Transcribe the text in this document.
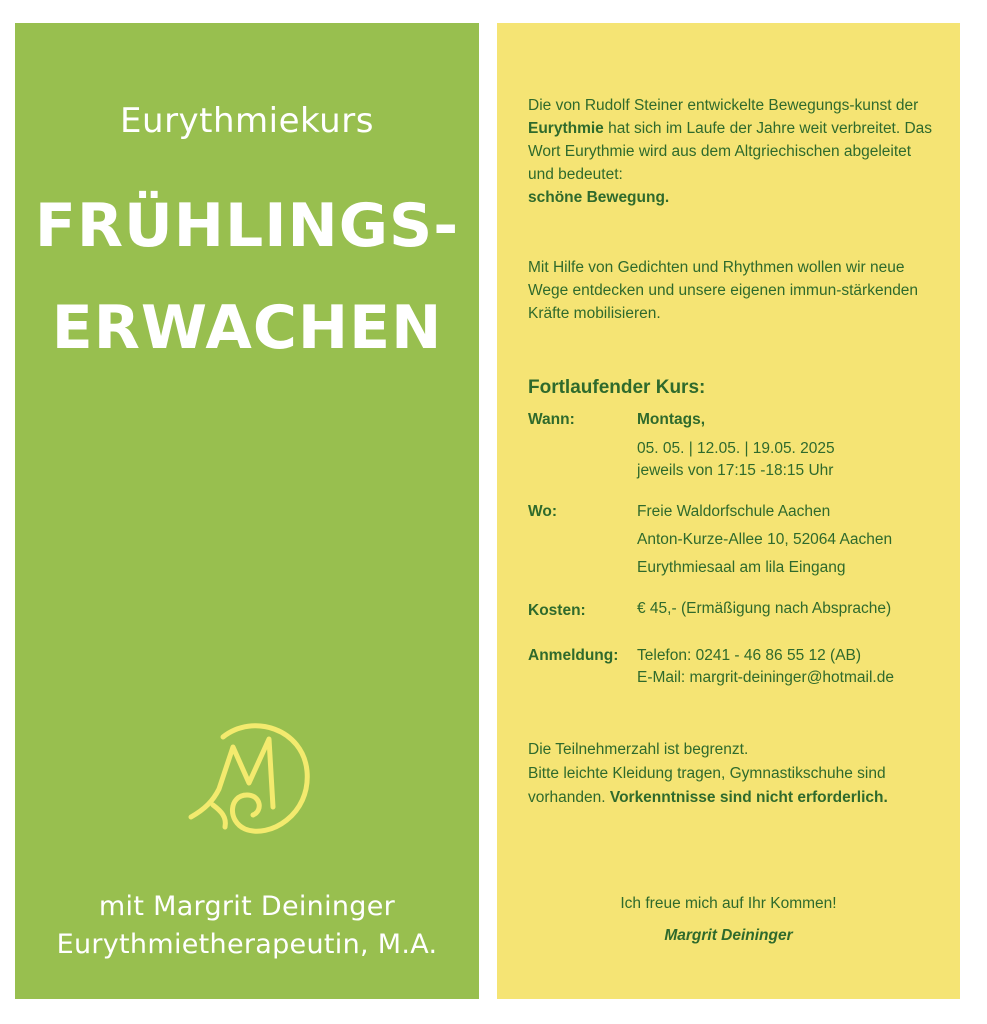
Eurythmiekurs
FRÜHLINGS-
ERWACHEN
mit Margrit Deininger
Eurythmietherapeutin, M.A.
Die von Rudolf Steiner entwickelte Bewegungs-kunst der Eurythmie hat sich im Laufe der Jahre weit verbreitet. Das Wort Eurythmie wird aus dem Altgriechischen abgeleitet und bedeutet:
schöne Bewegung.
Mit Hilfe von Gedichten und Rhythmen wollen wir neue Wege entdecken und unsere eigenen immun-stärkenden Kräfte mobilisieren.
Fortlaufender Kurs:
Wann:	Montags,
05. 05. | 12.05. | 19.05. 2025
jeweils von 17:15 -18:15 Uhr
Wo:	Freie Waldorfschule Aachen
Anton-Kurze-Allee 10, 52064 Aachen
Eurythmiesaal am lila Eingang
Kosten:	€ 45,- (Ermäßigung nach Absprache)
Anmeldung: Telefon: 0241 - 46 86 55 12 (AB)
E-Mail: margrit-deininger@hotmail.de
Die Teilnehmerzahl ist begrenzt.
Bitte leichte Kleidung tragen, Gymnastikschuhe sind
vorhanden. Vorkenntnisse sind nicht erforderlich.
Ich freue mich auf Ihr Kommen!
Margrit Deininger
